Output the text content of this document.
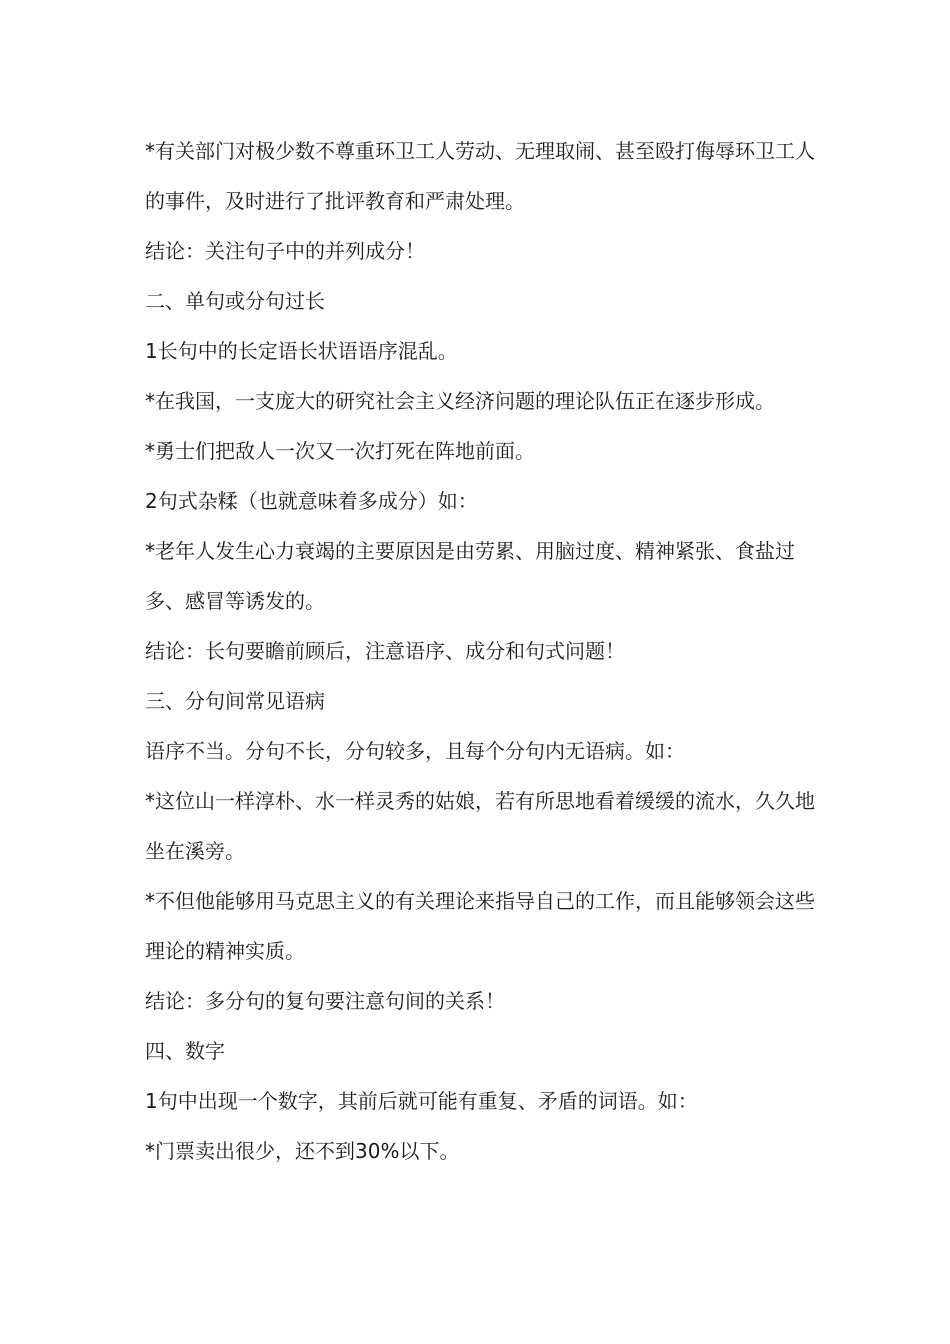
*有关部门对极少数不尊重环卫工人劳动、无理取闹、甚至殴打侮辱环卫工人的事件，及时进行了批评教育和严肃处理。

结论：关注句子中的并列成分！

二、单句或分句过长

1长句中的长定语长状语语序混乱。

*在我国，一支庞大的研究社会主义经济问题的理论队伍正在逐步形成。

*勇士们把敌人一次又一次打死在阵地前面。

2句式杂糅（也就意味着多成分）如：

*老年人发生心力衰竭的主要原因是由劳累、用脑过度、精神紧张、食盐过多、感冒等诱发的。

结论：长句要瞻前顾后，注意语序、成分和句式问题！

三、分句间常见语病

语序不当。分句不长，分句较多，且每个分句内无语病。如：

*这位山一样淳朴、水一样灵秀的姑娘，若有所思地看着缓缓的流水，久久地坐在溪旁。

*不但他能够用马克思主义的有关理论来指导自己的工作，而且能够领会这些理论的精神实质。

结论：多分句的复句要注意句间的关系！

四、数字

1句中出现一个数字，其前后就可能有重复、矛盾的词语。如：

*门票卖出很少，还不到30%以下。
